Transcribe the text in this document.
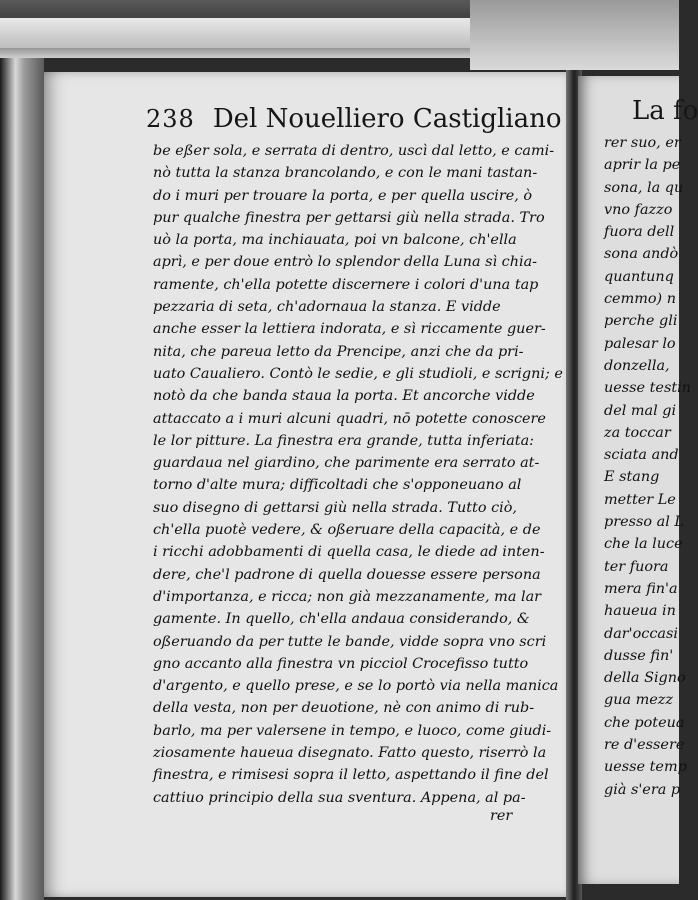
238 Del Nouelliero Castigliano
be eßer sola, e serrata di dentro, uscì dal letto, e cami-
nò tutta la stanza brancolando, e con le mani tastan-
do i muri per trouare la porta, e per quella uscire, ò
pur qualche finestra per gettarsi giù nella strada. Tro
uò la porta, ma inchiauata, poi vn balcone, ch'ella
aprì, e per doue entrò lo splendor della Luna sì chia-
ramente, ch'ella potette discernere i colori d'una tap
pezzaria di seta, ch'adornaua la stanza. E vidde
anche esser la lettiera indorata, e sì riccamente guer-
nita, che pareua letto da Prencipe, anzi che da pri-
uato Caualiero. Contò le sedie, e gli studioli, e scrigni; e
notò da che banda staua la porta. Et ancorche vidde
attaccato a i muri alcuni quadri, nō potette conoscere
le lor pitture. La finestra era grande, tutta inferiata:
guardaua nel giardino, che parimente era serrato at-
torno d'alte mura; difficoltadi che s'opponeuano al
suo disegno di gettarsi giù nella strada. Tutto ciò,
ch'ella puotè vedere, & oßeruare della capacità, e de
i ricchi adobbamenti di quella casa, le diede ad inten-
dere, che'l padrone di quella douesse essere persona
d'importanza, e ricca; non già mezzanamente, ma lar
gamente. In quello, ch'ella andaua considerando, &
oßeruando da per tutte le bande, vidde sopra vno scri
gno accanto alla finestra vn picciol Crocefisso tutto
d'argento, e quello prese, e se lo portò via nella manica
della vesta, non per deuotione, nè con animo di rub-
barlo, ma per valersene in tempo, e luoco, come giudi-
ziosamente haueua disegnato. Fatto questo, riserrò la
finestra, e rimisesi sopra il letto, aspettando il fine del
cattiuo principio della sua sventura. Appena, al pa-
rer
La fo
rer suo, er
aprir la pe
sona, la qu
vno fazzo
fuora dell
sona andò
quantunq
cemmo) n
perche gli
palesar lo
donzella,
uesse testin
del mal gi
za toccar
sciata and
E stang
metter Le
presso al L
che la luce
ter fuora
mera fin'a
haueua in
dar'occasi
dusse fin'
della Signo
gua mezz
che poteua
re d'essere
uesse temp
già s'era p
